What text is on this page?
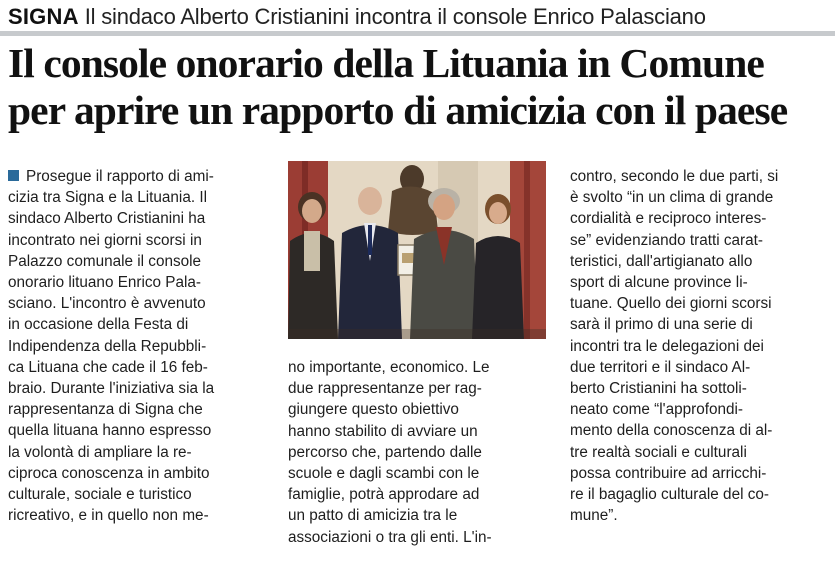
SIGNA Il sindaco Alberto Cristianini incontra il console Enrico Palasciano
Il console onorario della Lituania in Comune
per aprire un rapporto di amicizia con il paese
Prosegue il rapporto di ami-
cizia tra Signa e la Lituania. Il
sindaco Alberto Cristianini ha
incontrato nei giorni scorsi in
Palazzo comunale il console
onorario lituano Enrico Pala-
sciano. L'incontro è avvenuto
in occasione della Festa di
Indipendenza della Repubbli-
ca Lituana che cade il 16 feb-
braio. Durante l'iniziativa sia la
rappresentanza di Signa che
quella lituana hanno espresso
la volontà di ampliare la re-
ciproca conoscenza in ambito
culturale, sociale e turistico
ricreativo, e in quello non me-
no importante, economico. Le
due rappresentanze per rag-
giungere questo obiettivo
hanno stabilito di avviare un
percorso che, partendo dalle
scuole e dagli scambi con le
famiglie, potrà approdare ad
un patto di amicizia tra le
associazioni o tra gli enti. L'in-
contro, secondo le due parti, si
è svolto “in un clima di grande
cordialità e reciproco interes-
se” evidenziando tratti carat-
teristici, dall'artigianato allo
sport di alcune province li-
tuane. Quello dei giorni scorsi
sarà il primo di una serie di
incontri tra le delegazioni dei
due territori e il sindaco Al-
berto Cristianini ha sottoli-
neato come “l'approfondi-
mento della conoscenza di al-
tre realtà sociali e culturali
possa contribuire ad arricchi-
re il bagaglio culturale del co-
mune”.
